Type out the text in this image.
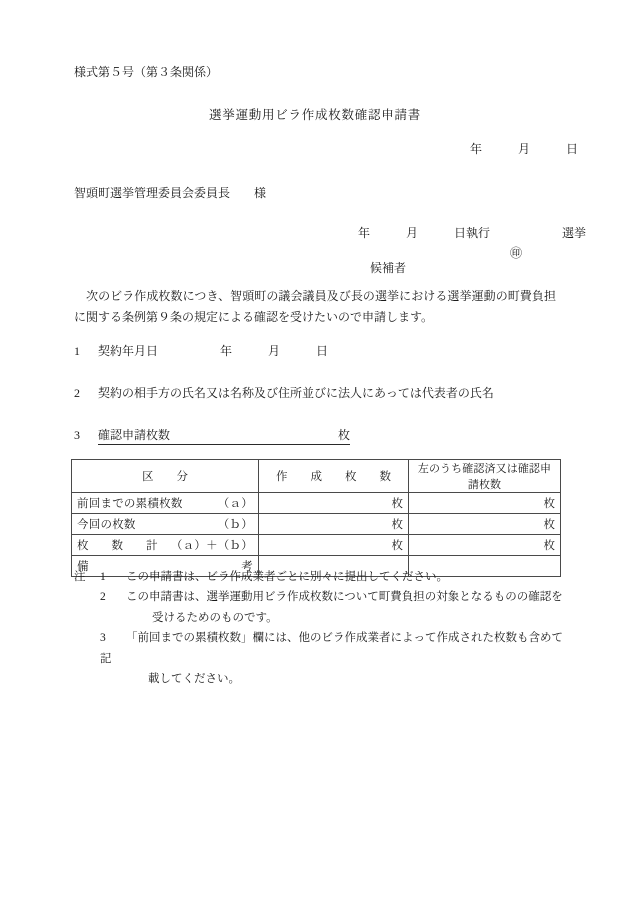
様式第５号（第３条関係）
選挙運動用ビラ作成枚数確認申請書
年　　　月　　　日
智頭町選挙管理委員会委員長　　様
年　　　月　　　日執行　　　　　　選挙

候補者

㊞

次のビラ作成枚数につき、智頭町の議会議員及び長の選挙における選挙運動の町費負担に関する条例第９条の規定による確認を受けたいので申請します。
1 契約年月日	年　　　月　　　日
2 契約の相手方の氏名又は名称及び住所並びに法人にあっては代表者の氏名
3 確認申請枚数	枚
区　分	作　成　枚　数	左のうち確認済又は確認申請枚数

前回までの累積枚数 （ａ）	枚	枚

今回の枚数 （ｂ）	枚	枚

枚　数　計 （ａ）＋（ｂ）	枚	枚

備 考		

注 1 この申請書は、ビラ作成業者ごとに別々に提出してください。
2 この申請書は、選挙運動用ビラ作成枚数について町費負担の対象となるものの確認を
受けるためのものです。
3 「前回までの累積枚数」欄には、他のビラ作成業者によって作成された枚数も含めて記
載してください。
